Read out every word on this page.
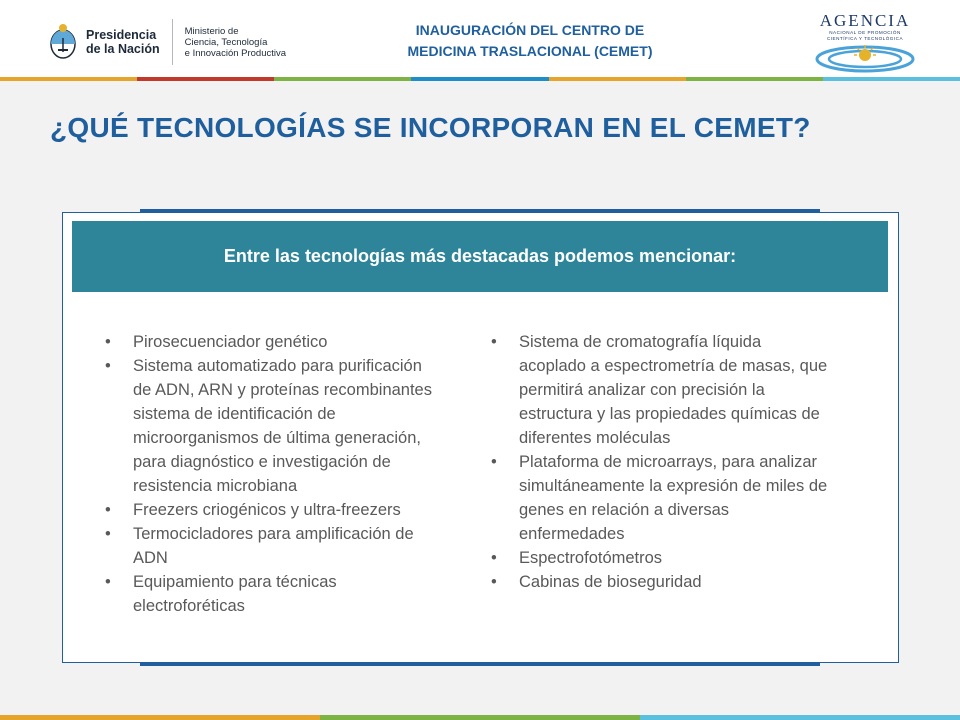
Presidencia
de la Nación
Ministerio de
Ciencia, Tecnología
e Innovación Productiva
INAUGURACIÓN DEL CENTRO DE
MEDICINA TRASLACIONAL (CEMET)
AGENCIA
NACIONAL DE PROMOCIÓN
CIENTÍFICA Y TECNOLÓGICA
¿QUÉ TECNOLOGÍAS SE INCORPORAN EN EL CEMET?
Entre las tecnologías más destacadas podemos mencionar:
• Pirosecuenciador genético
• Sistema automatizado para purificación
de ADN, ARN y proteínas recombinantes
sistema de identificación de
microorganismos de última generación,
para diagnóstico e investigación de
resistencia microbiana
• Freezers criogénicos y ultra-freezers
• Termocicladores para amplificación de
ADN
• Equipamiento para técnicas
electroforéticas
• Sistema de cromatografía líquida
acoplado a espectrometría de masas, que
permitirá analizar con precisión la
estructura y las propiedades químicas de
diferentes moléculas
• Plataforma de microarrays, para analizar
simultáneamente la expresión de miles de
genes en relación a diversas
enfermedades
• Espectrofotómetros
• Cabinas de bioseguridad
